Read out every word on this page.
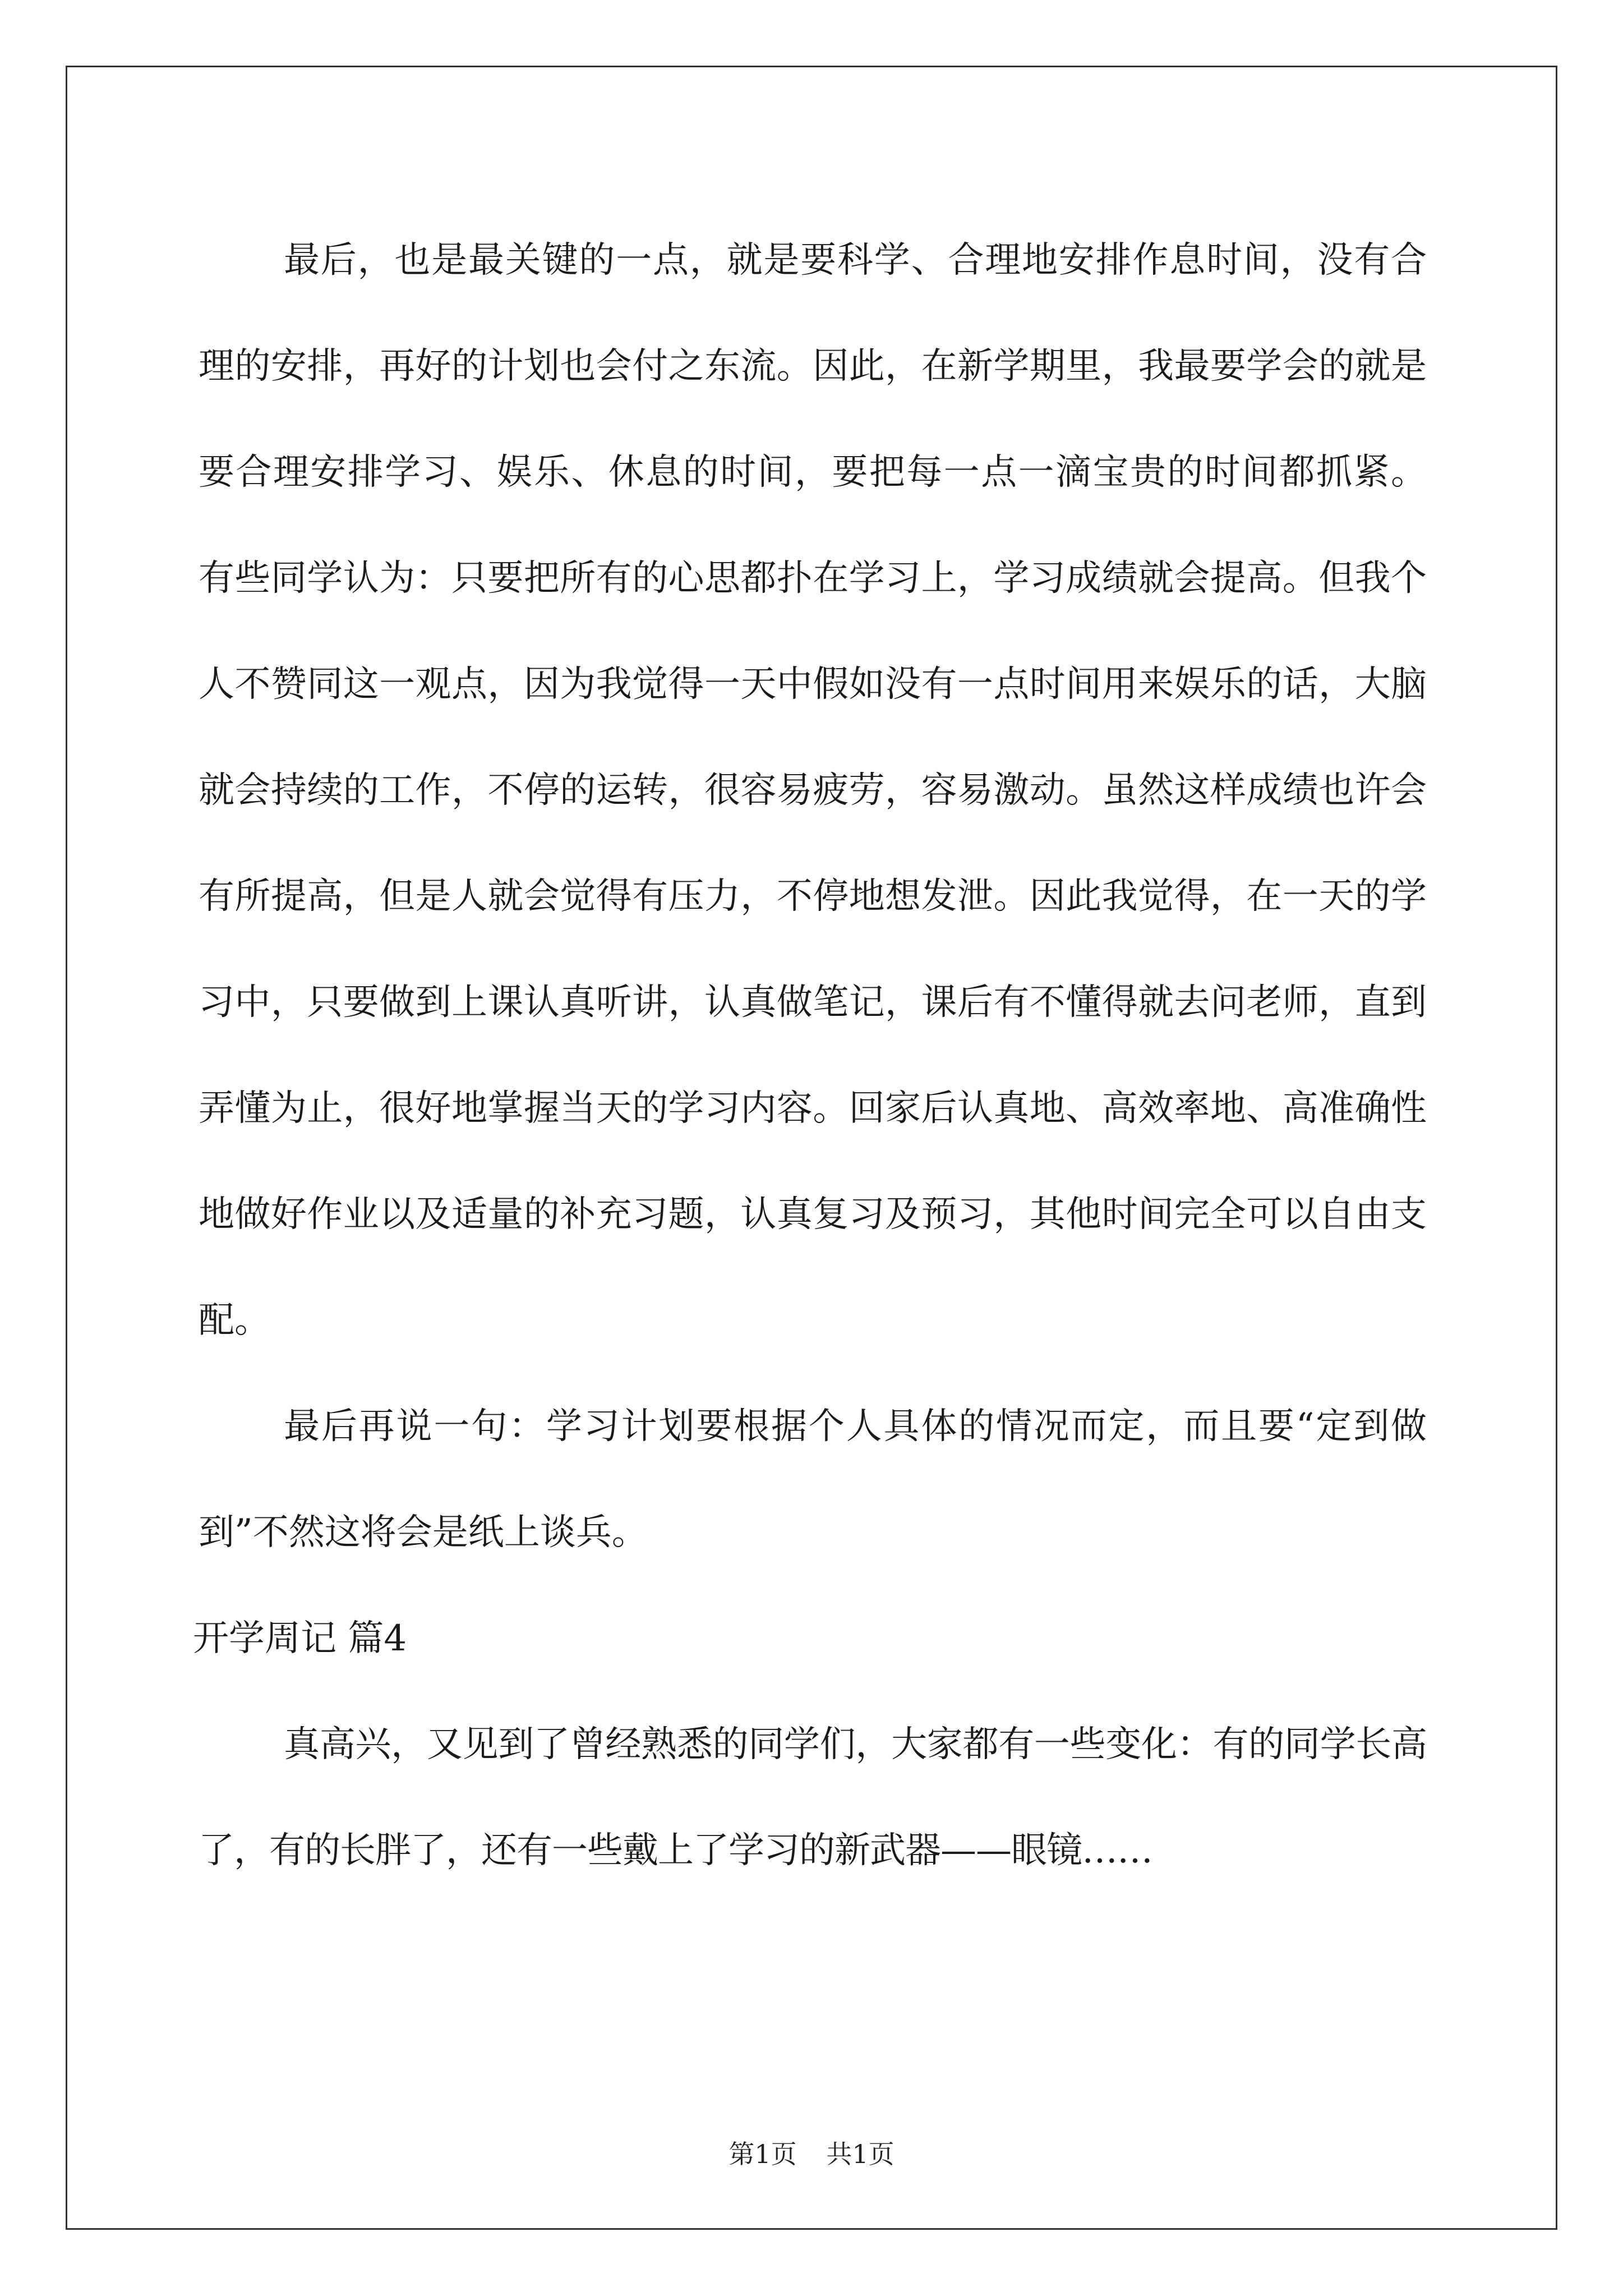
最后，也是最关键的一点，就是要科学、合理地安排作息时间，没有合理的安排，再好的计划也会付之东流。因此，在新学期里，我最要学会的就是要合理安排学习、娱乐、休息的时间，要把每一点一滴宝贵的时间都抓紧。 有些同学认为：只要把所有的心思都扑在学习上，学习成绩就会提高。但我个人不赞同这一观点，因为我觉得一天中假如没有一点时间用来娱乐的话，大脑就会持续的工作，不停的运转，很容易疲劳，容易激动。虽然这样成绩也许会有所提高，但是人就会觉得有压力，不停地想发泄。因此我觉得，在一天的学习中，只要做到上课认真听讲，认真做笔记，课后有不懂得就去问老师，直到弄懂为止，很好地掌握当天的学习内容。回家后认真地、高效率地、高准确性地做好作业以及适量的补充习题，认真复习及预习，其他时间完全可以自由支配。

最后再说一句：学习计划要根据个人具体的情况而定，而且要“定到做到”不然这将会是纸上谈兵。

开学周记 篇4

真高兴，又见到了曾经熟悉的同学们，大家都有一些变化：有的同学长高了，有的长胖了，还有一些戴上了学习的新武器——眼镜……

第1页 共1页
